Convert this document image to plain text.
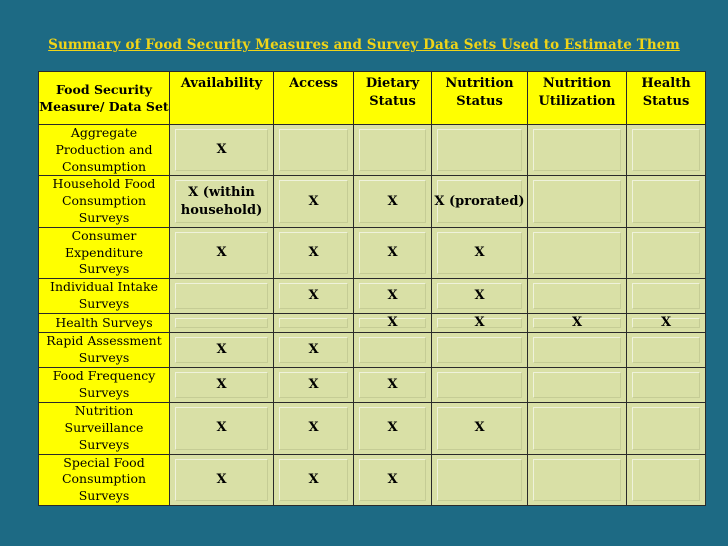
Summary of Food Security Measures and Survey Data Sets Used to Estimate Them
Food Security Measure/ Data Set	Availability	Access	Dietary Status	Nutrition Status	Nutrition Utilization	Health Status
Aggregate Production and Consumption	X					
Household Food Consumption Surveys	X (within household)	X	X	X (prorated)		
Consumer Expenditure Surveys	X	X	X	X		
Individual Intake Surveys		X	X	X		
Health Surveys			X	X	X	X
Rapid Assessment Surveys	X	X				
Food Frequency Surveys	X	X	X			
Nutrition Surveillance Surveys	X	X	X	X		
Special Food Consumption Surveys	X	X	X			
